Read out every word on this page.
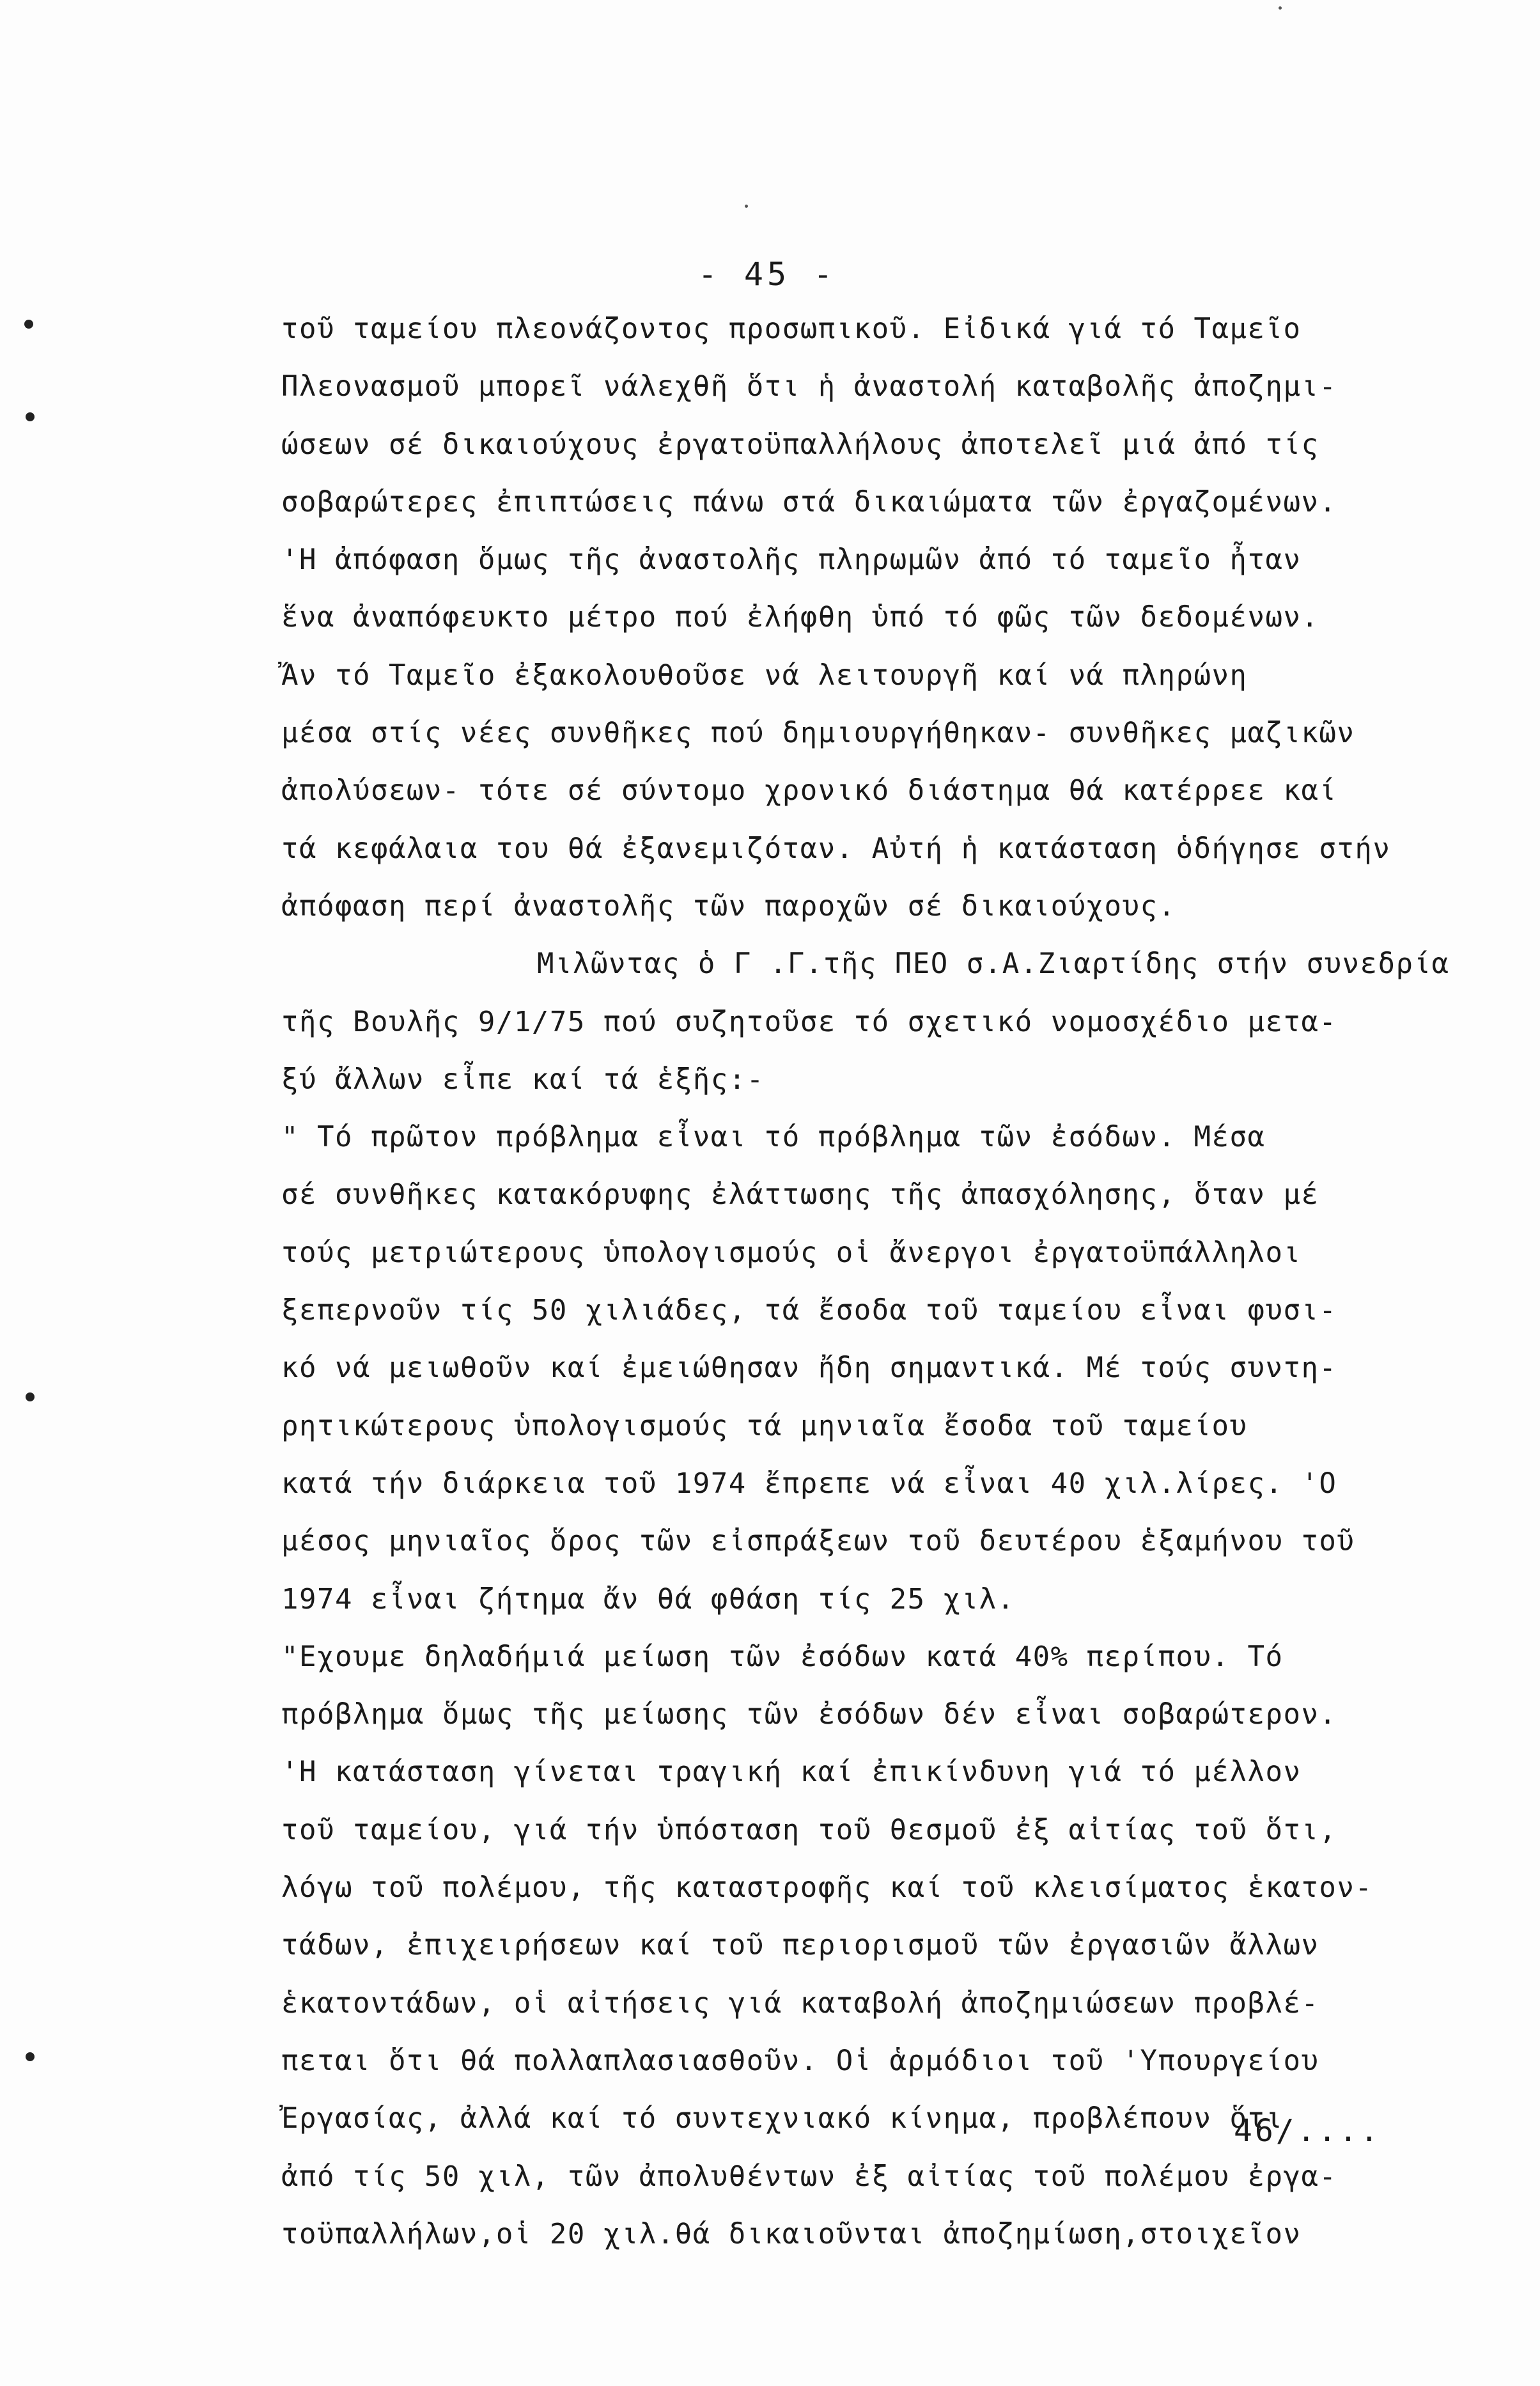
- 45 -
τοῦ ταμείου πλεονάζοντος προσωπικοῦ. Εἰδικά γιά τό Ταμεῖο
Πλεονασμοῦ μπορεῖ νάλεχθῆ ὅτι ἡ ἀναστολή καταβολῆς ἀποζημι-
ώσεων σέ δικαιούχους ἐργατοϋπαλλήλους ἀποτελεῖ μιά ἀπό τίς
σοβαρώτερες ἐπιπτώσεις πάνω στά δικαιώματα τῶν ἐργαζομένων.
'Η ἀπόφαση ὅμως τῆς ἀναστολῆς πληρωμῶν ἀπό τό ταμεῖο ἦταν
ἕνα ἀναπόφευκτο μέτρο πού ἐλήφθη ὑπό τό φῶς τῶν δεδομένων.
Ἄν τό Ταμεῖο ἐξακολουθοῦσε νά λειτουργῆ καί νά πληρώνη
μέσα στίς νέες συνθῆκες πού δημιουργήθηκαν- συνθῆκες μαζικῶν
ἀπολύσεων- τότε σέ σύντομο χρονικό διάστημα θά κατέρρεε καί
τά κεφάλαια του θά ἐξανεμιζόταν. Αὐτή ἡ κατάσταση ὁδήγησε στήν
ἀπόφαση περί ἀναστολῆς τῶν παροχῶν σέ δικαιούχους.
Μιλῶντας ὁ Γ .Γ.τῆς ΠΕΟ σ.Α.Ζιαρτίδης στήν συνεδρία
τῆς Βουλῆς 9/1/75 πού συζητοῦσε τό σχετικό νομοσχέδιο μετα-
ξύ ἄλλων εἶπε καί τά ἑξῆς:-
" Τό πρῶτον πρόβλημα εἶναι τό πρόβλημα τῶν ἐσόδων. Μέσα
σέ συνθῆκες κατακόρυφης ἐλάττωσης τῆς ἀπασχόλησης, ὅταν μέ
τούς μετριώτερους ὑπολογισμούς οἱ ἄνεργοι ἐργατοϋπάλληλοι
ξεπερνοῦν τίς 50 χιλιάδες, τά ἔσοδα τοῦ ταμείου εἶναι φυσι-
κό νά μειωθοῦν καί ἐμειώθησαν ἤδη σημαντικά. Μέ τούς συντη-
ρητικώτερους ὑπολογισμούς τά μηνιαῖα ἔσοδα τοῦ ταμείου
κατά τήν διάρκεια τοῦ 1974 ἔπρεπε νά εἶναι 40 χιλ.λίρες. 'Ο
μέσος μηνιαῖος ὅρος τῶν εἰσπράξεων τοῦ δευτέρου ἑξαμήνου τοῦ
1974 εἶναι ζήτημα ἄν θά φθάση τίς 25 χιλ.
"Εχουμε δηλαδήμιά μείωση τῶν ἐσόδων κατά 40% περίπου. Τό
πρόβλημα ὅμως τῆς μείωσης τῶν ἐσόδων δέν εἶναι σοβαρώτερον.
'Η κατάσταση γίνεται τραγική καί ἐπικίνδυνη γιά τό μέλλον
τοῦ ταμείου, γιά τήν ὑπόσταση τοῦ θεσμοῦ ἐξ αἰτίας τοῦ ὅτι,
λόγω τοῦ πολέμου, τῆς καταστροφῆς καί τοῦ κλεισίματος ἑκατον-
τάδων, ἐπιχειρήσεων καί τοῦ περιορισμοῦ τῶν ἐργασιῶν ἄλλων
ἑκατοντάδων, οἱ αἰτήσεις γιά καταβολή ἀποζημιώσεων προβλέ-
πεται ὅτι θά πολλαπλασιασθοῦν. Οἱ ἁρμόδιοι τοῦ 'Υπουργείου
Ἐργασίας, ἀλλά καί τό συντεχνιακό κίνημα, προβλέπουν ὅτι
ἀπό τίς 50 χιλ, τῶν ἀπολυθέντων ἐξ αἰτίας τοῦ πολέμου ἐργα-
τοϋπαλλήλων,οἱ 20 χιλ.θά δικαιοῦνται ἀποζημίωση,στοιχεῖον
46/....
